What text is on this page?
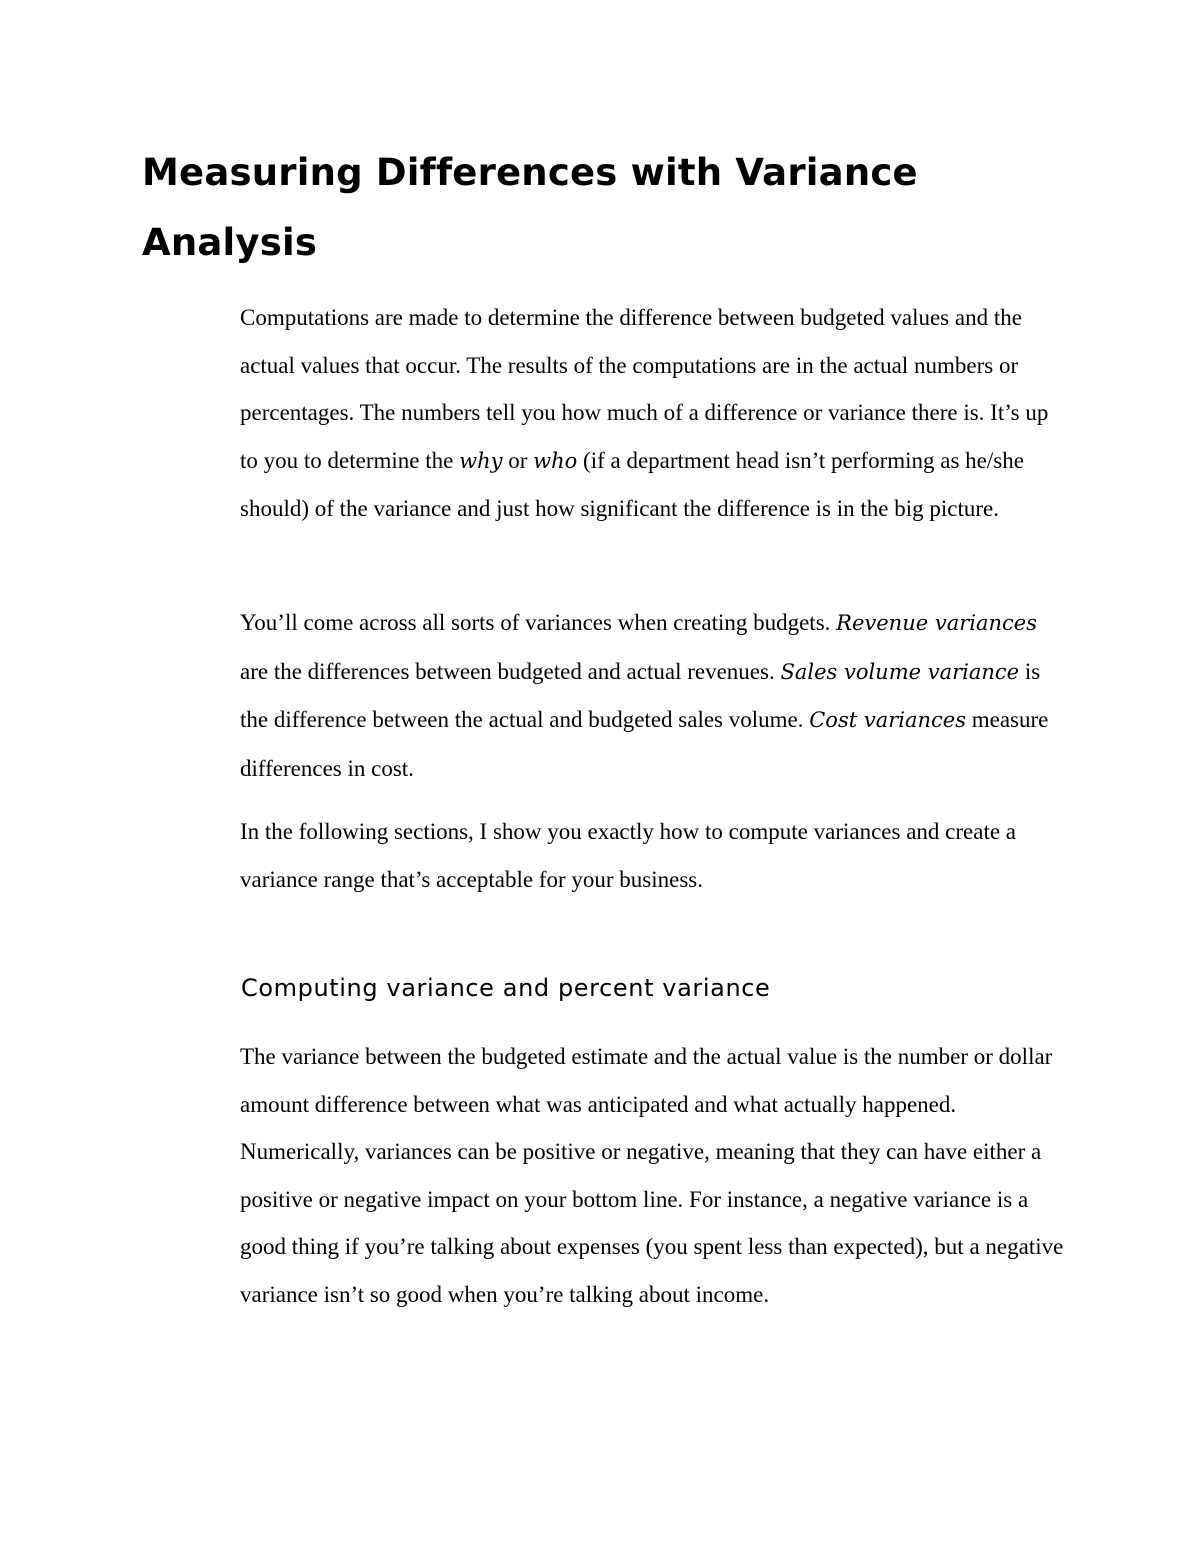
Measuring Differences with Variance Analysis

Computations are made to determine the difference between budgeted values and the actual values that occur. The results of the computations are in the actual numbers or percentages. The numbers tell you how much of a difference or variance there is. It’s up to you to determine the why or who (if a department head isn’t performing as he/she should) of the variance and just how significant the difference is in the big picture.

You’ll come across all sorts of variances when creating budgets. Revenue variances are the differences between budgeted and actual revenues. Sales volume variance is the difference between the actual and budgeted sales volume. Cost variances measure differences in cost.

In the following sections, I show you exactly how to compute variances and create a variance range that’s acceptable for your business.

Computing variance and percent variance

The variance between the budgeted estimate and the actual value is the number or dollar amount difference between what was anticipated and what actually happened. Numerically, variances can be positive or negative, meaning that they can have either a positive or negative impact on your bottom line. For instance, a negative variance is a good thing if you’re talking about expenses (you spent less than expected), but a negative variance isn’t so good when you’re talking about income.
